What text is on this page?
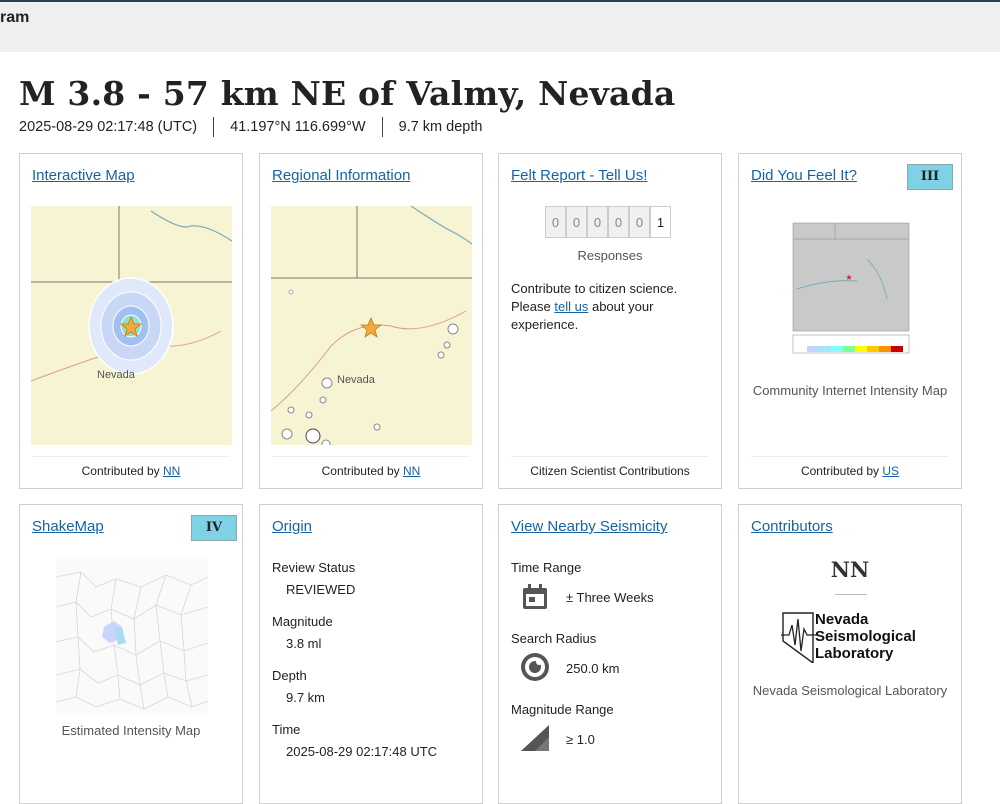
ram
M 3.8 - 57 km NE of Valmy, Nevada
2025-08-29 02:17:48 (UTC) 41.197°N 116.699°W 9.7 km depth
Interactive Map
Nevada
Contributed by NN
Regional Information
Nevada
Contributed by NN
Felt Report - Tell Us!
0	0	0	0	0	1
Responses
Contribute to citizen science. Please tell us about your experience.
Citizen Scientist Contributions
Did You Feel It?	III
★
Community Internet Intensity Map
Contributed by US
ShakeMap	IV
Estimated Intensity Map
Origin
Review Status
REVIEWED
Magnitude
3.8 ml
Depth
9.7 km
Time
2025-08-29 02:17:48 UTC
View Nearby Seismicity
Time Range
± Three Weeks
Search Radius
250.0 km
Magnitude Range
≥ 1.0
Contributors
NN
Nevada
Seismological
Laboratory
Nevada Seismological Laboratory
